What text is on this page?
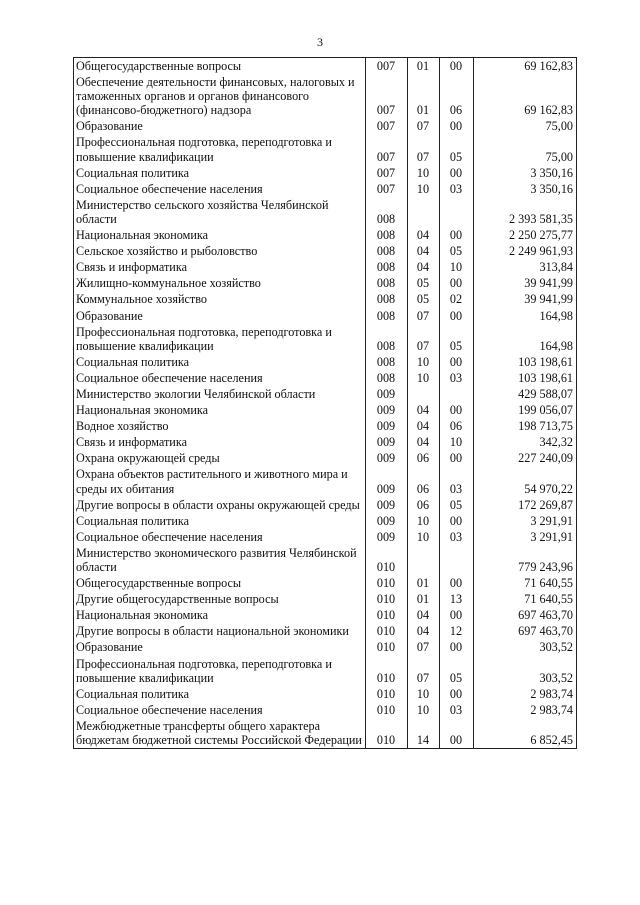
3
Общегосударственные вопросы	007	01	00	69 162,83
Обеспечение деятельности финансовых, налоговых и таможенных органов и органов финансового (финансово-бюджетного) надзора	007	01	06	69 162,83
Образование	007	07	00	75,00
Профессиональная подготовка, переподготовка и повышение квалификации	007	07	05	75,00
Социальная политика	007	10	00	3 350,16
Социальное обеспечение населения	007	10	03	3 350,16
Министерство сельского хозяйства Челябинской области	008			2 393 581,35
Национальная экономика	008	04	00	2 250 275,77
Сельское хозяйство и рыболовство	008	04	05	2 249 961,93
Связь и информатика	008	04	10	313,84
Жилищно-коммунальное хозяйство	008	05	00	39 941,99
Коммунальное хозяйство	008	05	02	39 941,99
Образование	008	07	00	164,98
Профессиональная подготовка, переподготовка и повышение квалификации	008	07	05	164,98
Социальная политика	008	10	00	103 198,61
Социальное обеспечение населения	008	10	03	103 198,61
Министерство экологии Челябинской области	009			429 588,07
Национальная экономика	009	04	00	199 056,07
Водное хозяйство	009	04	06	198 713,75
Связь и информатика	009	04	10	342,32
Охрана окружающей среды	009	06	00	227 240,09
Охрана объектов растительного и животного мира и среды их обитания	009	06	03	54 970,22
Другие вопросы в области охраны окружающей среды	009	06	05	172 269,87
Социальная политика	009	10	00	3 291,91
Социальное обеспечение населения	009	10	03	3 291,91
Министерство экономического развития Челябинской области	010			779 243,96
Общегосударственные вопросы	010	01	00	71 640,55
Другие общегосударственные вопросы	010	01	13	71 640,55
Национальная экономика	010	04	00	697 463,70
Другие вопросы в области национальной экономики	010	04	12	697 463,70
Образование	010	07	00	303,52
Профессиональная подготовка, переподготовка и повышение квалификации	010	07	05	303,52
Социальная политика	010	10	00	2 983,74
Социальное обеспечение населения	010	10	03	2 983,74
Межбюджетные трансферты общего характера бюджетам бюджетной системы Российской Федерации	010	14	00	6 852,45
